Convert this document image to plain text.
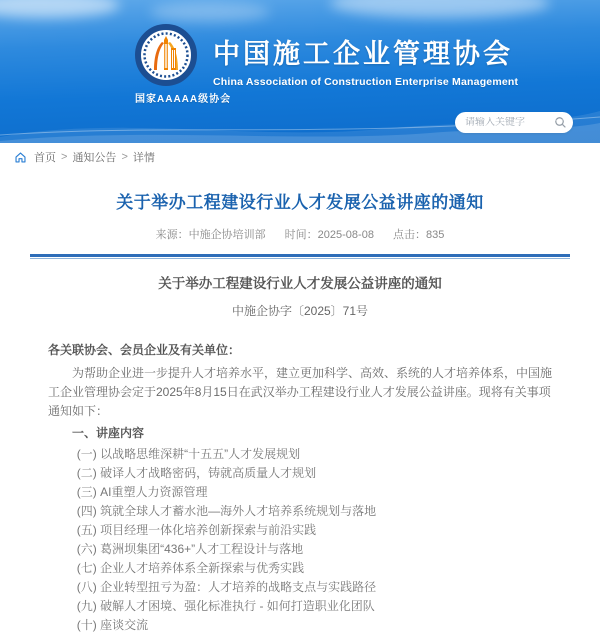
国家AAAAA级协会
中国施工企业管理协会
China Association of Construction Enterprise Management
请输入关键字
首页 > 通知公告 > 详情
关于举办工程建设行业人才发展公益讲座的通知
来源：中施企协培训部 时间：2025-08-08 点击：835
关于举办工程建设行业人才发展公益讲座的通知
中施企协字〔2025〕71号

各关联协会、会员企业及有关单位：

为帮助企业进一步提升人才培养水平，建立更加科学、高效、系统的人才培养体系，中国施工企业管理协会定于2025年8月15日在武汉举办工程建设行业人才发展公益讲座。现将有关事项通知如下：

一、讲座内容

(一) 以战略思维深耕“十五五”人才发展规划

(二) 破译人才战略密码，铸就高质量人才规划

(三) AI重塑人力资源管理

(四) 筑就全球人才蓄水池—海外人才培养系统规划与落地

(五) 项目经理一体化培养创新探索与前沿实践

(六) 葛洲坝集团“436+”人才工程设计与落地

(七) 企业人才培养体系全新探索与优秀实践

(八) 企业转型扭亏为盈：人才培养的战略支点与实践路径

(九) 破解人才困境、强化标准执行 - 如何打造职业化团队

(十) 座谈交流
